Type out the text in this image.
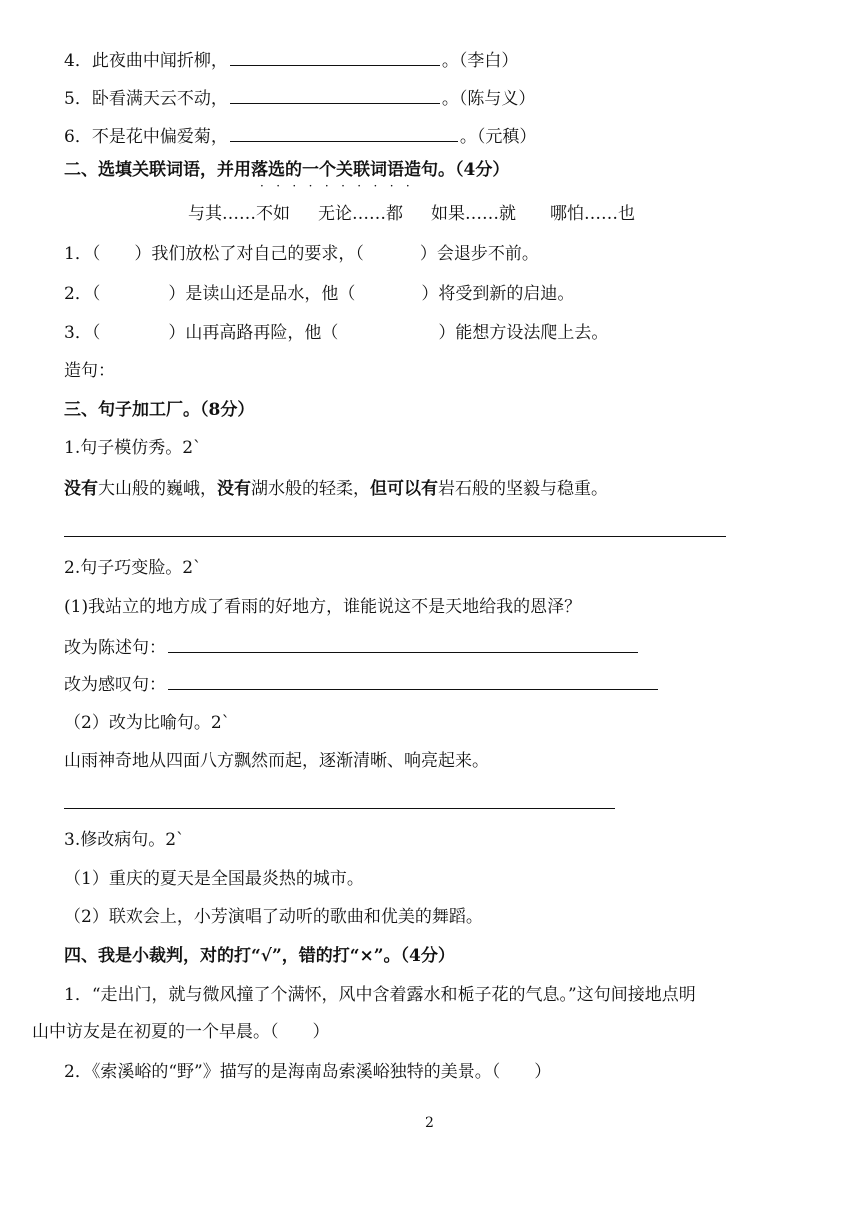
4．此夜曲中闻折柳，	。（李白）
5．卧看满天云不动，	。（陈与义）
6．不是花中偏爱菊，	。（元稹）
二、选填关联词语，并用落选的一个关联词语造句。（4分）
··········
与其……不如 无论……都 如果……就 哪怕……也
1．（ ）我们放松了对自己的要求，（	）会退步不前。
2．（	）是读山还是品水，他（	）将受到新的启迪。
3．（	）山再高路再险，他（	）能想方设法爬上去。
造句：
三、句子加工厂。（8分）
1.句子模仿秀。2`
没有大山般的巍峨，没有湖水般的轻柔，但可以有岩石般的坚毅与稳重。
2.句子巧变脸。2`
(1)我站立的地方成了看雨的好地方，谁能说这不是天地给我的恩泽？
改为陈述句：
改为感叹句：
（2）改为比喻句。2`
山雨神奇地从四面八方飘然而起，逐渐清晰、响亮起来。
3.修改病句。2`
（1）重庆的夏天是全国最炎热的城市。
（2）联欢会上，小芳演唱了动听的歌曲和优美的舞蹈。
四、我是小裁判，对的打“√”，错的打“×”。（4分）
1．“走出门，就与微风撞了个满怀，风中含着露水和栀子花的气息。”这句间接地点明
山中访友是在初夏的一个早晨。（　　）
2．《索溪峪的“野”》描写的是海南岛索溪峪独特的美景。（　　）
2
